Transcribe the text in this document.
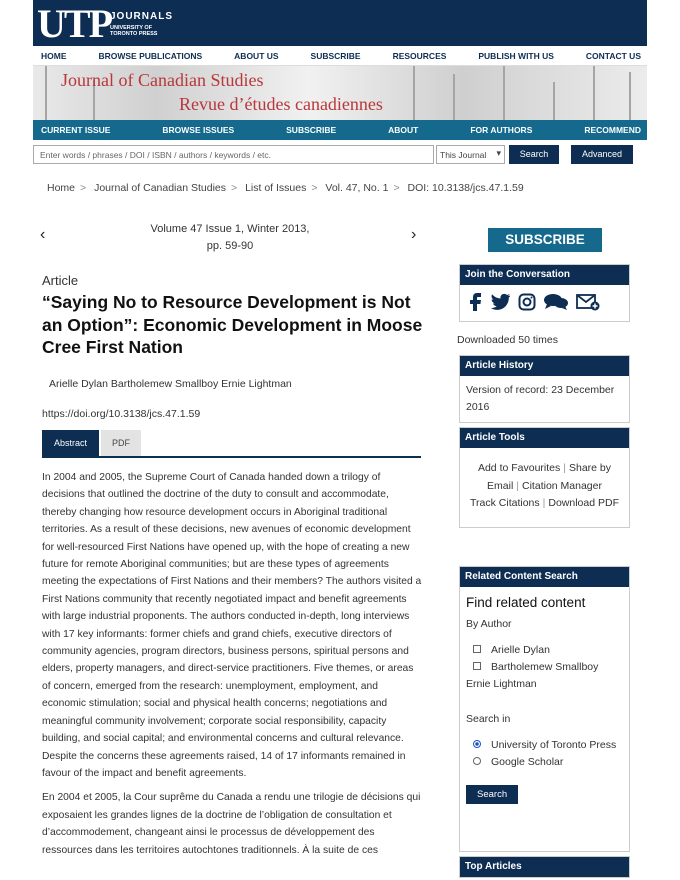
UTP JOURNALS
UNIVERSITY OF
TORONTO PRESS
HOME	BROWSE PUBLICATIONS	ABOUT US	SUBSCRIBE	RESOURCES	PUBLISH WITH US	CONTACT US
Journal of Canadian Studies
Revue d’études canadiennes
CURRENT ISSUE	BROWSE ISSUES	SUBSCRIBE	ABOUT	FOR AUTHORS	RECOMMEND
Enter words / phrases / DOI / ISBN / authors / keywords / etc.	This Journal ▾	Search	Advanced
Home > Journal of Canadian Studies > List of Issues > Vol. 47, No. 1 > DOI: 10.3138/jcs.47.1.59
‹	Volume 47 Issue 1, Winter 2013,
pp. 59-90
›
Article
“Saying No to Resource Development is Not an Option”: Economic Development in Moose Cree First Nation
Arielle Dylan Bartholemew Smallboy Ernie Lightman
https://doi.org/10.3138/jcs.47.1.59
Abstract	PDF

In 2004 and 2005, the Supreme Court of Canada handed down a trilogy of decisions that outlined the doctrine of the duty to consult and accommodate, thereby changing how resource development occurs in Aboriginal traditional territories. As a result of these decisions, new avenues of economic development for well-resourced First Nations have opened up, with the hope of creating a new future for remote Aboriginal communities; but are these types of agreements meeting the expectations of First Nations and their members? The authors visited a First Nations community that recently negotiated impact and benefit agreements with large industrial proponents. The authors conducted in-depth, long interviews with 17 key informants: former chiefs and grand chiefs, executive directors of community agencies, program directors, business persons, spiritual persons and elders, property managers, and direct-service practitioners. Five themes, or areas of concern, emerged from the research: unemployment, employment, and economic stimulation; social and physical health concerns; negotiations and meaningful community involvement; corporate social responsibility, capacity building, and social capital; and environmental concerns and cultural relevance. Despite the concerns these agreements raised, 14 of 17 informants remained in favour of the impact and benefit agreements.

En 2004 et 2005, la Cour suprême du Canada a rendu une trilogie de décisions qui exposaient les grandes lignes de la doctrine de l’obligation de consultation et d’accommodement, changeant ainsi le processus de développement des ressources dans les territoires autochtones traditionnels. À la suite de ces

SUBSCRIBE
Join the Conversation
Downloaded 50 times
Article History
Version of record: 23 December 2016
Article Tools
Add to Favourites | Share by Email | Citation Manager
Track Citations | Download PDF
Related Content Search
Find related content
By Author
Arielle Dylan
Bartholemew Smallboy
Ernie Lightman
Search in
University of Toronto Press
Google Scholar
Search
Top Articles
